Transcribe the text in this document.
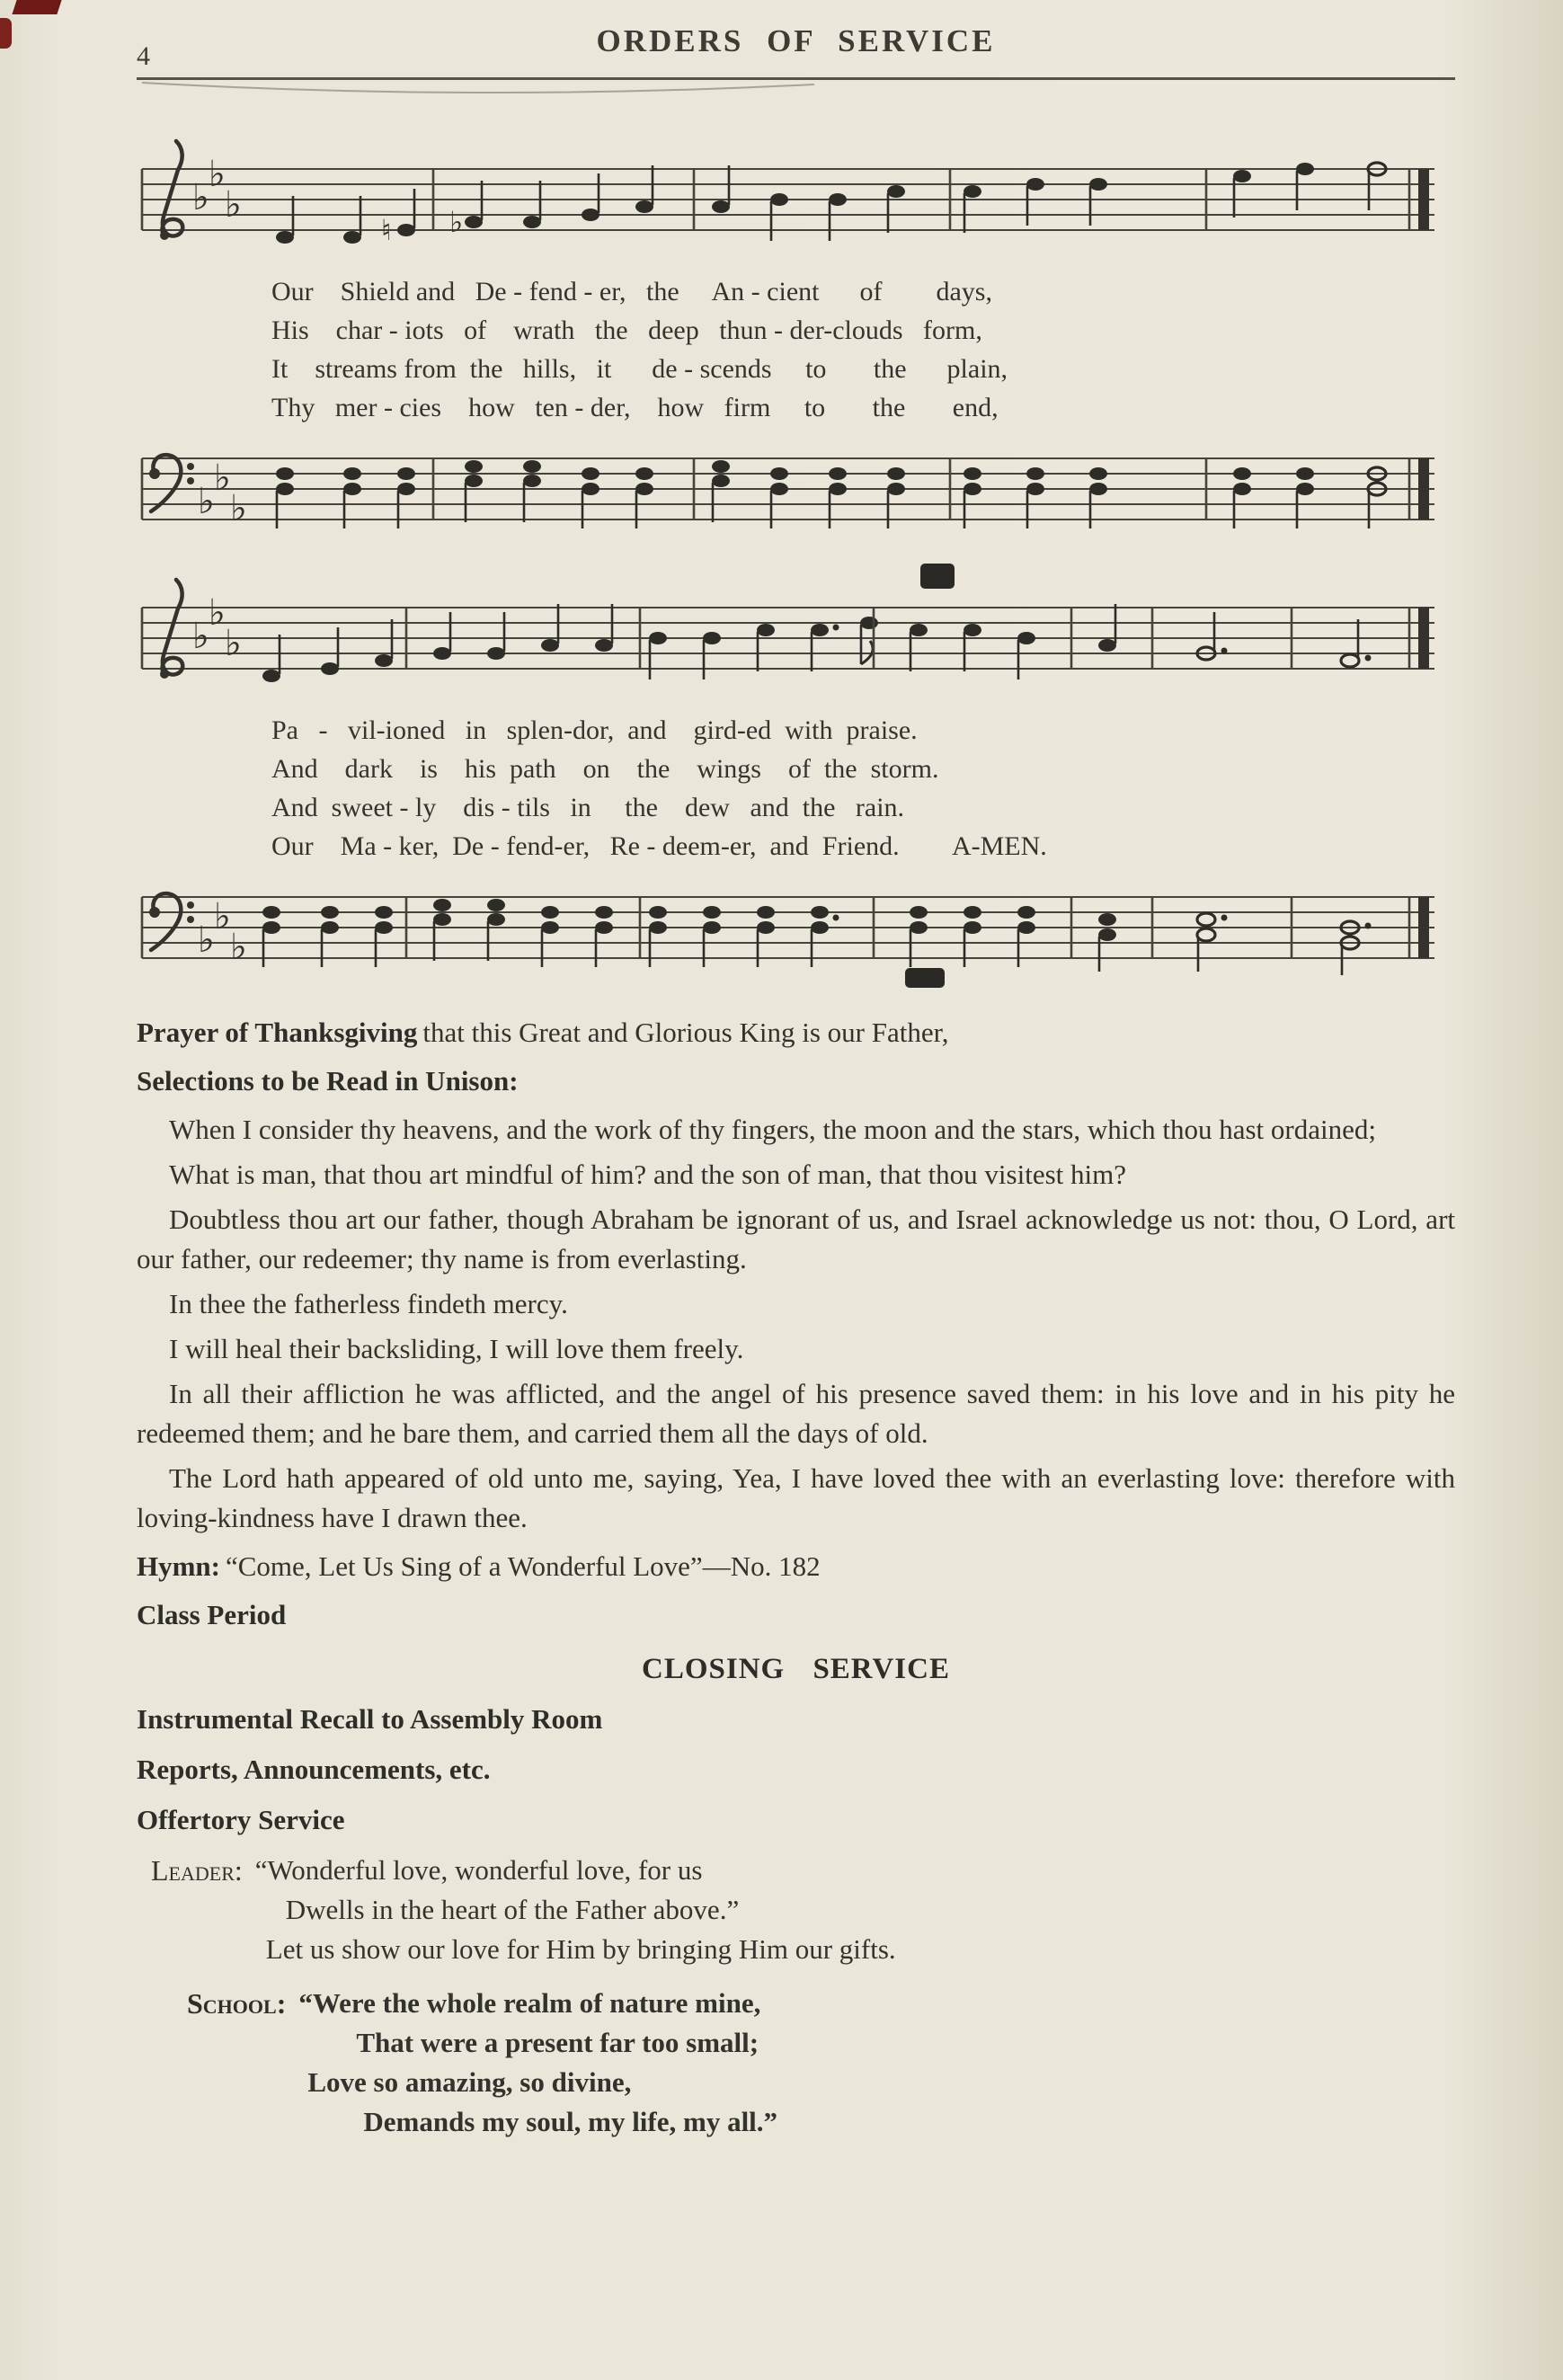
4	ORDERS OF SERVICE
♭
♭
♭
♮ ♭
Our    Shield and   De - fend - er,   the     An - cient      of        days,
His    char - iots   of    wrath   the   deep   thun - der-clouds   form,
It    streams from  the   hills,   it      de - scends     to       the      plain,
Thy   mer - cies    how   ten - der,    how   firm     to       the       end,
♭
♭
♭
♭
♭
♭
Pa   -   vil-ioned   in   splen-dor,  and    gird-ed  with  praise.
And    dark    is    his  path    on    the    wings    of  the  storm.
And  sweet - ly    dis - tils   in     the    dew   and  the   rain.
Our    Ma - ker,  De - fend-er,   Re - deem-er,  and  Friend.        A-MEN.
♭
♭
♭

Prayer of Thanksgiving that this Great and Glorious King is our Father,

Selections to be Read in Unison:

When I consider thy heavens, and the work of thy fingers, the moon and the stars, which thou hast ordained;

What is man, that thou art mindful of him? and the son of man, that thou visitest him?

Doubtless thou art our father, though Abraham be ignorant of us, and Israel acknowledge us not: thou, O Lord, art our father, our redeemer; thy name is from everlasting.

In thee the fatherless findeth mercy.

I will heal their backsliding, I will love them freely.

In all their affliction he was afflicted, and the angel of his presence saved them: in his love and in his pity he redeemed them; and he bare them, and carried them all the days of old.

The Lord hath appeared of old unto me, saying, Yea, I have loved thee with an everlasting love: therefore with loving-kindness have I drawn thee.

Hymn: “Come, Let Us Sing of a Wonderful Love”—No. 182

Class Period

CLOSING SERVICE

Instrumental Recall to Assembly Room

Reports, Announcements, etc.

Offertory Service

Leader: “Wonderful love, wonderful love, for us
Dwells in the heart of the Father above.”
Let us show our love for Him by bringing Him our gifts.
School: “Were the whole realm of nature mine,
That were a present far too small;
Love so amazing, so divine,
Demands my soul, my life, my all.”
